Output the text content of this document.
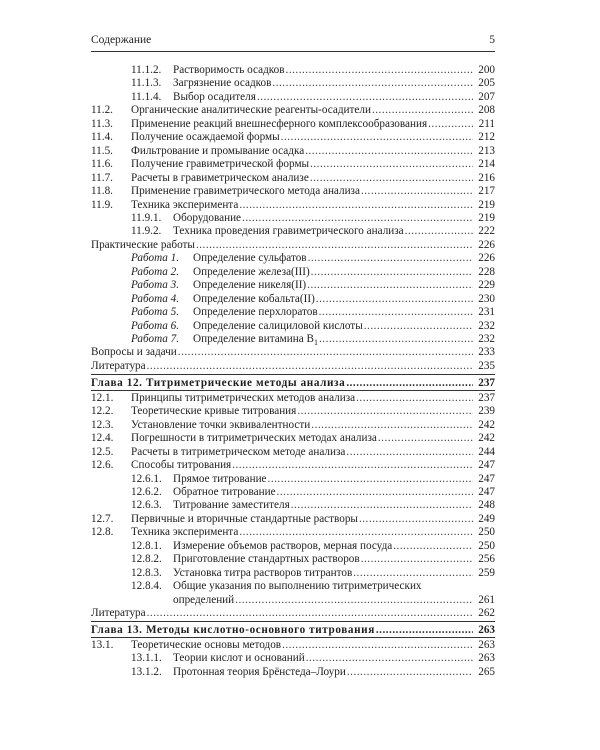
Содержание	5
11.1.2. Растворимость осадков .....	200
11.1.3. Загрязнение осадков .....	205
11.1.4. Выбор осадителя .....	207
11.2. Органические аналитические реагенты-осадители .....	208
11.3. Применение реакций внешнесферного комплексообразования .....	211
11.4. Получение осаждаемой формы .....	212
11.5. Фильтрование и промывание осадка .....	213
11.6. Получение гравиметрической формы .....	214
11.7. Расчеты в гравиметрическом анализе .....	216
11.8. Применение гравиметрического метода анализа .....	217
11.9. Техника эксперимента .....	219
11.9.1. Оборудование .....	219
11.9.2. Техника проведения гравиметрического анализа .....	222
Практические работы .....	226
Работа 1. Определение сульфатов .....	226
Работа 2. Определение железа(III) .....	228
Работа 3. Определение никеля(II) .....	229
Работа 4. Определение кобальта(II) .....	230
Работа 5. Определение перхлоратов .....	231
Работа 6. Определение салициловой кислоты .....	232
Работа 7. Определение витамина $B_1$ .....	232
Вопросы и задачи .....	233
Литература .....	235
Глава 12. Титриметрические методы анализа .....	237
12.1. Принципы титриметрических методов анализа .....	237
12.2. Теоретические кривые титрования .....	239
12.3. Установление точки эквивалентности .....	242
12.4. Погрешности в титриметрических методах анализа .....	242
12.5. Расчеты в титриметрическом методе анализа .....	244
12.6. Способы титрования .....	247
12.6.1. Прямое титрование .....	247
12.6.2. Обратное титрование .....	247
12.6.3. Титрование заместителя .....	248
12.7. Первичные и вторичные стандартные растворы .....	249
12.8. Техника эксперимента .....	250
12.8.1. Измерение объемов растворов, мерная посуда .....	250
12.8.2. Приготовление стандартных растворов .....	256
12.8.3. Установка титра растворов титрантов .....	259
12.8.4. Общие указания по выполнению титриметрических
определений .....	261
Литература .....	262
Глава 13. Методы кислотно-основного титрования .....	263
13.1. Теоретические основы методов .....	263
13.1.1. Теории кислот и оснований .....	263
13.1.2. Протонная теория Брёнстеда–Лоури .....	265
